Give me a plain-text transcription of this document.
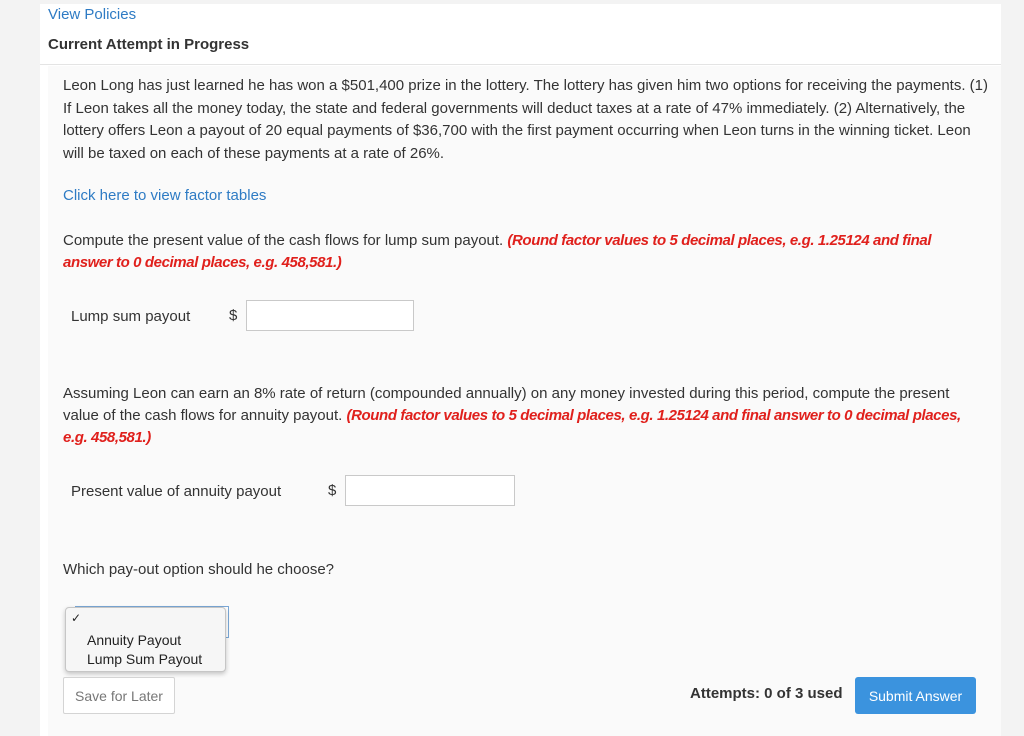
View Policies
Current Attempt in Progress
Leon Long has just learned he has won a $501,400 prize in the lottery. The lottery has given him two options for receiving the payments. (1) If Leon takes all the money today, the state and federal governments will deduct taxes at a rate of 47% immediately. (2) Alternatively, the lottery offers Leon a payout of 20 equal payments of $36,700 with the first payment occurring when Leon turns in the winning ticket. Leon will be taxed on each of these payments at a rate of 26%.
Click here to view factor tables
Compute the present value of the cash flows for lump sum payout. (Round factor values to 5 decimal places, e.g. 1.25124 and final answer to 0 decimal places, e.g. 458,581.)
Lump sum payout	$
Assuming Leon can earn an 8% rate of return (compounded annually) on any money invested during this period, compute the present value of the cash flows for annuity payout. (Round factor values to 5 decimal places, e.g. 1.25124 and final answer to 0 decimal places, e.g. 458,581.)
Present value of annuity payout	$
Which pay-out option should he choose?
✓
Annuity Payout
Lump Sum Payout
Save for Later	Attempts: 0 of 3 used	Submit Answer
